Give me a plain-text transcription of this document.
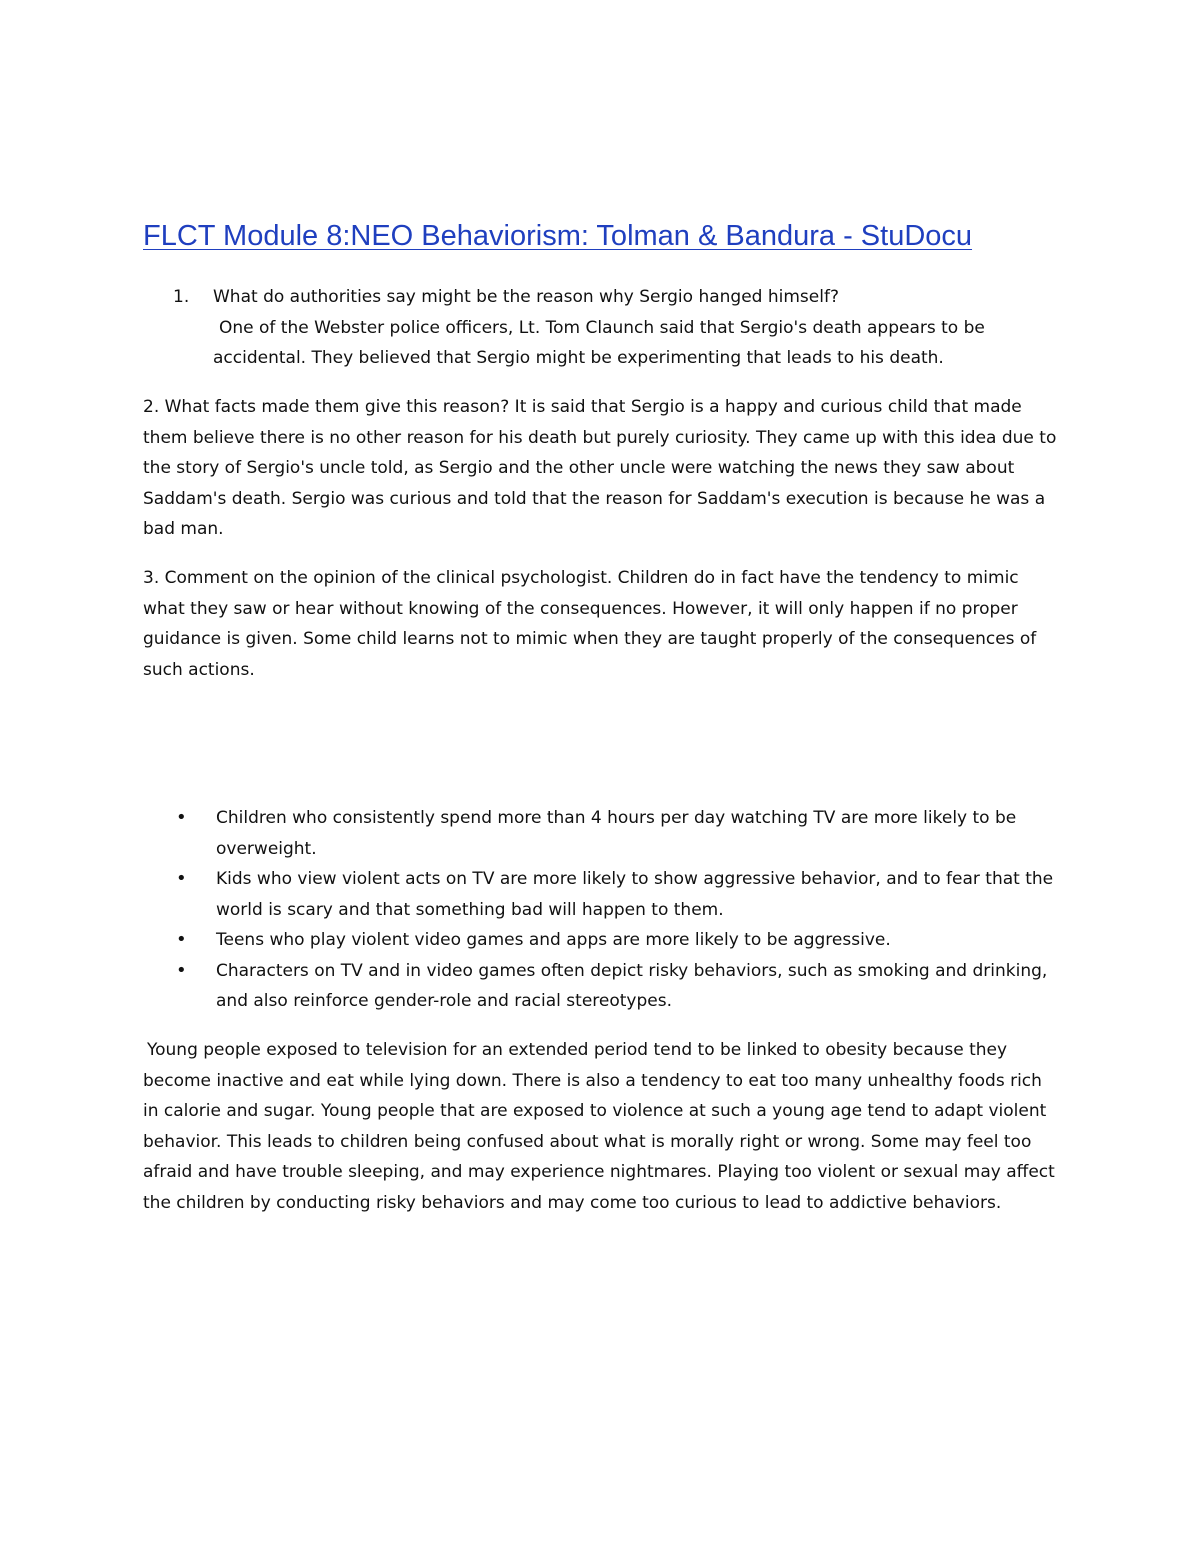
FLCT Module 8:NEO Behaviorism: Tolman & Bandura - StuDocu
1.	What do authorities say might be the reason why Sergio hanged himself?

One of the Webster police officers, Lt. Tom Claunch said that Sergio's death appears to be accidental. They believed that Sergio might be experimenting that leads to his death.

2. What facts made them give this reason? It is said that Sergio is a happy and curious child that made them believe there is no other reason for his death but purely curiosity. They came up with this idea due to the story of Sergio's uncle told, as Sergio and the other uncle were watching the news they saw about Saddam's death. Sergio was curious and told that the reason for Saddam's execution is because he was a bad man.

3. Comment on the opinion of the clinical psychologist. Children do in fact have the tendency to mimic what they saw or hear without knowing of the consequences. However, it will only happen if no proper guidance is given. Some child learns not to mimic when they are taught properly of the consequences of such actions.

•	Children who consistently spend more than 4 hours per day watching TV are more likely to be overweight.
•	Kids who view violent acts on TV are more likely to show aggressive behavior, and to fear that the world is scary and that something bad will happen to them.
•	Teens who play violent video games and apps are more likely to be aggressive.
•	Characters on TV and in video games often depict risky behaviors, such as smoking and drinking, and also reinforce gender-role and racial stereotypes.

Young people exposed to television for an extended period tend to be linked to obesity because they become inactive and eat while lying down. There is also a tendency to eat too many unhealthy foods rich in calorie and sugar. Young people that are exposed to violence at such a young age tend to adapt violent behavior. This leads to children being confused about what is morally right or wrong. Some may feel too afraid and have trouble sleeping, and may experience nightmares. Playing too violent or sexual may affect the children by conducting risky behaviors and may come too curious to lead to addictive behaviors.
